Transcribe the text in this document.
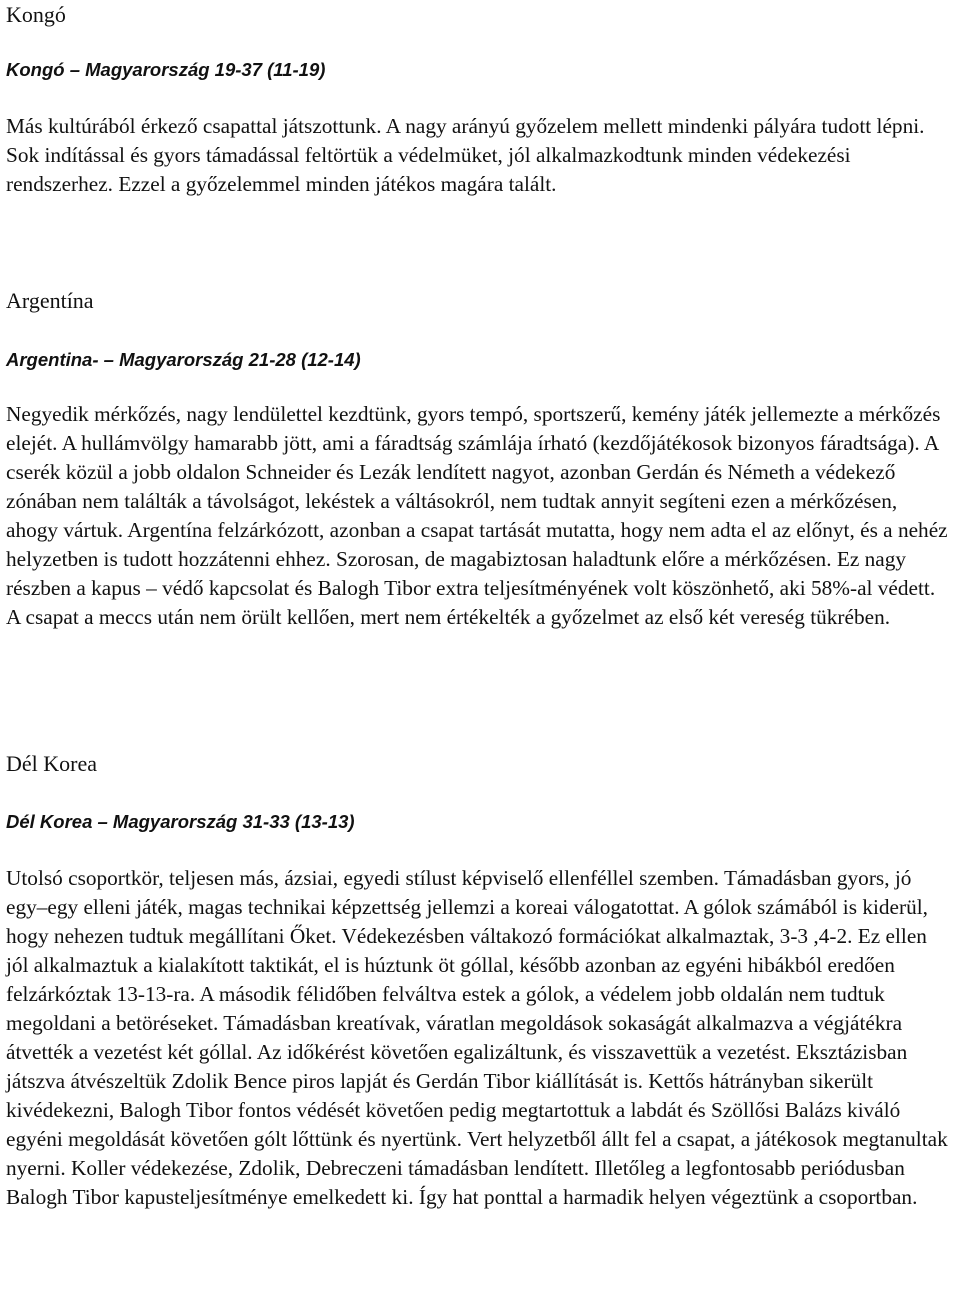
Kongó
Kongó – Magyarország 19-37 (11-19)

Más kultúrából érkező csapattal játszottunk. A nagy arányú győzelem mellett mindenki pályára tudott lépni. Sok indítással és gyors támadással feltörtük a védelmüket, jól alkalmazkodtunk minden védekezési rendszerhez. Ezzel a győzelemmel minden játékos magára talált.

Argentína
Argentina- – Magyarország 21-28 (12-14)

Negyedik mérkőzés, nagy lendülettel kezdtünk, gyors tempó, sportszerű, kemény játék jellemezte a mérkőzés elejét. A hullámvölgy hamarabb jött, ami a fáradtság számlája írható (kezdőjátékosok bizonyos fáradtsága). A cserék közül a jobb oldalon Schneider és Lezák lendített nagyot, azonban Gerdán és Németh a védekező zónában nem találták a távolságot, lekéstek a váltásokról, nem tudtak annyit segíteni ezen a mérkőzésen, ahogy vártuk. Argentína felzárkózott, azonban a csapat tartását mutatta, hogy nem adta el az előnyt, és a nehéz helyzetben is tudott hozzátenni ehhez. Szorosan, de magabiztosan haladtunk előre a mérkőzésen. Ez nagy részben a kapus – védő kapcsolat és Balogh Tibor extra teljesítményének volt köszönhető, aki 58%-al védett. A csapat a meccs után nem örült kellően, mert nem értékelték a győzelmet az első két vereség tükrében.

Dél Korea
Dél Korea – Magyarország 31-33 (13-13)

Utolsó csoportkör, teljesen más, ázsiai, egyedi stílust képviselő ellenféllel szemben. Támadásban gyors, jó egy–egy elleni játék, magas technikai képzettség jellemzi a koreai válogatottat. A gólok számából is kiderül, hogy nehezen tudtuk megállítani Őket. Védekezésben váltakozó formációkat alkalmaztak, 3-3 ,4-2. Ez ellen jól alkalmaztuk a kialakított taktikát, el is húztunk öt góllal, később azonban az egyéni hibákból eredően felzárkóztak 13-13-ra. A második félidőben felváltva estek a gólok, a védelem jobb oldalán nem tudtuk megoldani a betöréseket. Támadásban kreatívak, váratlan megoldások sokaságát alkalmazva a végjátékra átvették a vezetést két góllal. Az időkérést követően egalizáltunk, és visszavettük a vezetést. Eksztázisban játszva átvészeltük Zdolik Bence piros lapját és Gerdán Tibor kiállítását is. Kettős hátrányban sikerült kivédekezni, Balogh Tibor fontos védését követően pedig megtartottuk a labdát és Szöllősi Balázs kiváló egyéni megoldását követően gólt lőttünk és nyertünk. Vert helyzetből állt fel a csapat, a játékosok megtanultak nyerni. Koller védekezése, Zdolik, Debreczeni támadásban lendített. Illetőleg a legfontosabb periódusban Balogh Tibor kapusteljesítménye emelkedett ki. Így hat ponttal a harmadik helyen végeztünk a csoportban.
